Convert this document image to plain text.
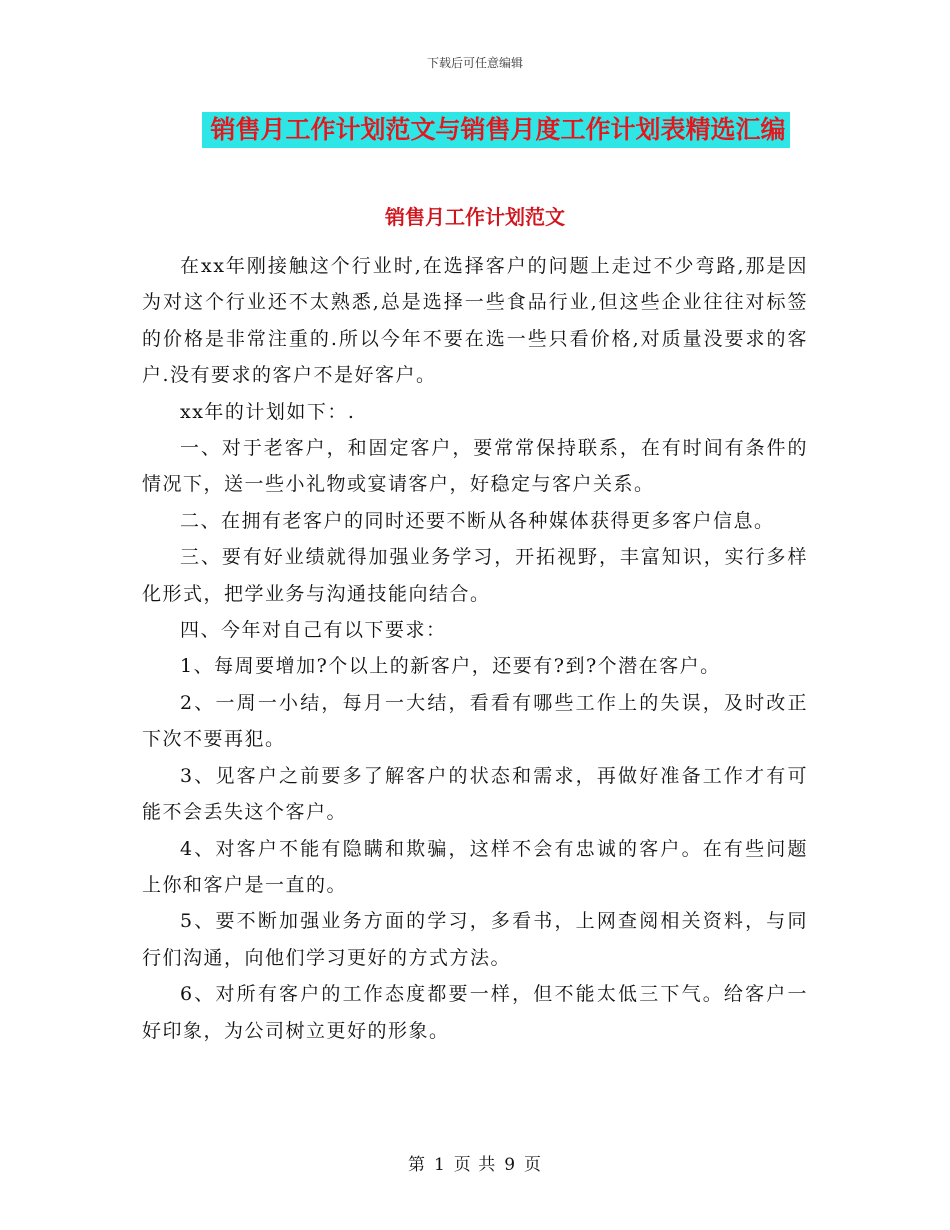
下载后可任意编辑
销售月工作计划范文与销售月度工作计划表精选汇编
销售月工作计划范文

在xx年刚接触这个行业时,在选择客户的问题上走过不少弯路,那是因为对这个行业还不太熟悉,总是选择一些食品行业,但这些企业往往对标签的价格是非常注重的.所以今年不要在选一些只看价格,对质量没要求的客户.没有要求的客户不是好客户。

xx年的计划如下：.

一、对于老客户，和固定客户，要常常保持联系，在有时间有条件的情况下，送一些小礼物或宴请客户，好稳定与客户关系。

二、在拥有老客户的同时还要不断从各种媒体获得更多客户信息。

三、要有好业绩就得加强业务学习，开拓视野，丰富知识，实行多样化形式，把学业务与沟通技能向结合。

四、今年对自己有以下要求：

1、每周要增加?个以上的新客户，还要有?到?个潜在客户。

2、一周一小结，每月一大结，看看有哪些工作上的失误，及时改正下次不要再犯。

3、见客户之前要多了解客户的状态和需求，再做好准备工作才有可能不会丢失这个客户。

4、对客户不能有隐瞒和欺骗，这样不会有忠诚的客户。在有些问题上你和客户是一直的。

5、要不断加强业务方面的学习，多看书，上网查阅相关资料，与同行们沟通，向他们学习更好的方式方法。

6、对所有客户的工作态度都要一样，但不能太低三下气。给客户一好印象，为公司树立更好的形象。

第 1 页 共 9 页
